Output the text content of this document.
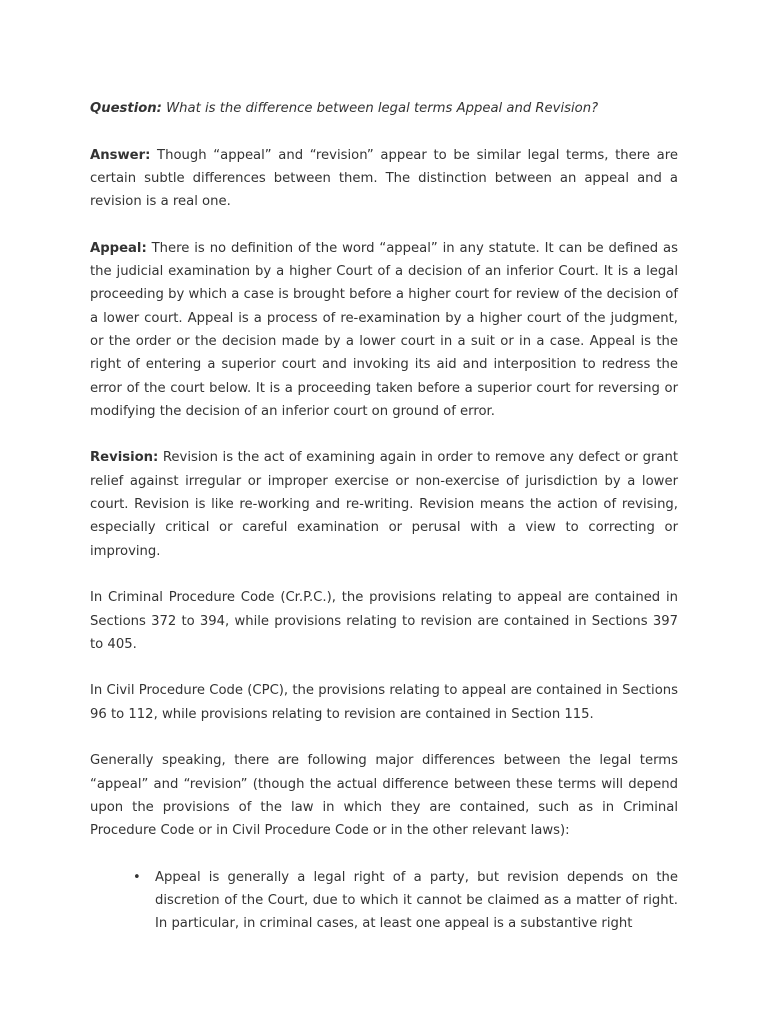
Question: What is the difference between legal terms Appeal and Revision?

Answer: Though “appeal” and “revision” appear to be similar legal terms, there are certain subtle differences between them. The distinction between an appeal and a revision is a real one.

Appeal: There is no definition of the word “appeal” in any statute. It can be defined as the judicial examination by a higher Court of a decision of an inferior Court. It is a legal proceeding by which a case is brought before a higher court for review of the decision of a lower court. Appeal is a process of re-examination by a higher court of the judgment, or the order or the decision made by a lower court in a suit or in a case. Appeal is the right of entering a superior court and invoking its aid and interposition to redress the error of the court below. It is a proceeding taken before a superior court for reversing or modifying the decision of an inferior court on ground of error.

Revision: Revision is the act of examining again in order to remove any defect or grant relief against irregular or improper exercise or non-exercise of jurisdiction by a lower court. Revision is like re-working and re-writing. Revision means the action of revising, especially critical or careful examination or perusal with a view to correcting or improving.

In Criminal Procedure Code (Cr.P.C.), the provisions relating to appeal are contained in Sections 372 to 394, while provisions relating to revision are contained in Sections 397 to 405.

In Civil Procedure Code (CPC), the provisions relating to appeal are contained in Sections 96 to 112, while provisions relating to revision are contained in Section 115.

Generally speaking, there are following major differences between the legal terms “appeal” and “revision” (though the actual difference between these terms will depend upon the provisions of the law in which they are contained, such as in Criminal Procedure Code or in Civil Procedure Code or in the other relevant laws):

• Appeal is generally a legal right of a party, but revision depends on the discretion of the Court, due to which it cannot be claimed as a matter of right. In particular, in criminal cases, at least one appeal is a substantive right
